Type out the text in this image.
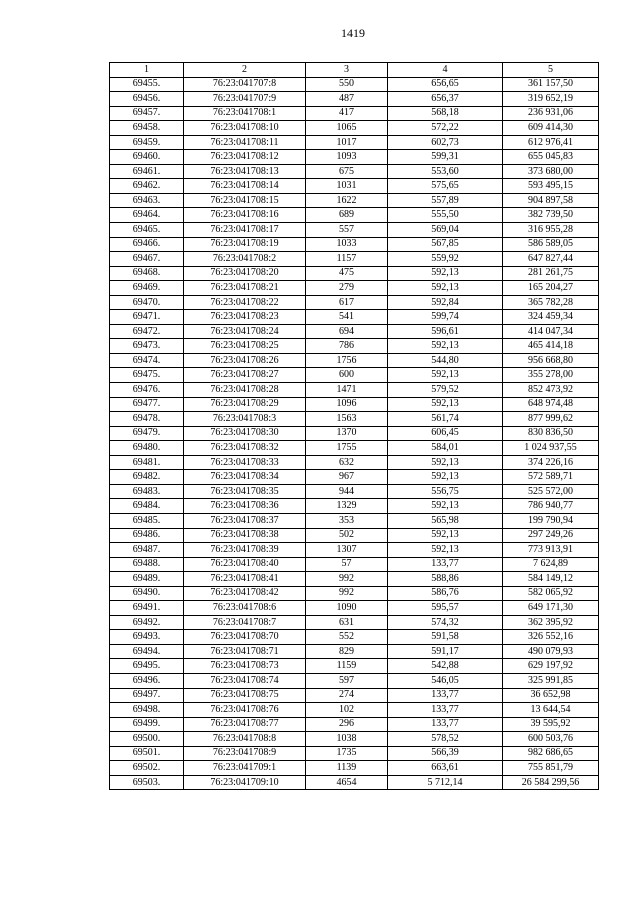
1419
1	2	3	4	5
69455.	76:23:041707:8	550	656,65	361 157,50
69456.	76:23:041707:9	487	656,37	319 652,19
69457.	76:23:041708:1	417	568,18	236 931,06
69458.	76:23:041708:10	1065	572,22	609 414,30
69459.	76:23:041708:11	1017	602,73	612 976,41
69460.	76:23:041708:12	1093	599,31	655 045,83
69461.	76:23:041708:13	675	553,60	373 680,00
69462.	76:23:041708:14	1031	575,65	593 495,15
69463.	76:23:041708:15	1622	557,89	904 897,58
69464.	76:23:041708:16	689	555,50	382 739,50
69465.	76:23:041708:17	557	569,04	316 955,28
69466.	76:23:041708:19	1033	567,85	586 589,05
69467.	76:23:041708:2	1157	559,92	647 827,44
69468.	76:23:041708:20	475	592,13	281 261,75
69469.	76:23:041708:21	279	592,13	165 204,27
69470.	76:23:041708:22	617	592,84	365 782,28
69471.	76:23:041708:23	541	599,74	324 459,34
69472.	76:23:041708:24	694	596,61	414 047,34
69473.	76:23:041708:25	786	592,13	465 414,18
69474.	76:23:041708:26	1756	544,80	956 668,80
69475.	76:23:041708:27	600	592,13	355 278,00
69476.	76:23:041708:28	1471	579,52	852 473,92
69477.	76:23:041708:29	1096	592,13	648 974,48
69478.	76:23:041708:3	1563	561,74	877 999,62
69479.	76:23:041708:30	1370	606,45	830 836,50
69480.	76:23:041708:32	1755	584,01	1 024 937,55
69481.	76:23:041708:33	632	592,13	374 226,16
69482.	76:23:041708:34	967	592,13	572 589,71
69483.	76:23:041708:35	944	556,75	525 572,00
69484.	76:23:041708:36	1329	592,13	786 940,77
69485.	76:23:041708:37	353	565,98	199 790,94
69486.	76:23:041708:38	502	592,13	297 249,26
69487.	76:23:041708:39	1307	592,13	773 913,91
69488.	76:23:041708:40	57	133,77	7 624,89
69489.	76:23:041708:41	992	588,86	584 149,12
69490.	76:23:041708:42	992	586,76	582 065,92
69491.	76:23:041708:6	1090	595,57	649 171,30
69492.	76:23:041708:7	631	574,32	362 395,92
69493.	76:23:041708:70	552	591,58	326 552,16
69494.	76:23:041708:71	829	591,17	490 079,93
69495.	76:23:041708:73	1159	542,88	629 197,92
69496.	76:23:041708:74	597	546,05	325 991,85
69497.	76:23:041708:75	274	133,77	36 652,98
69498.	76:23:041708:76	102	133,77	13 644,54
69499.	76:23:041708:77	296	133,77	39 595,92
69500.	76:23:041708:8	1038	578,52	600 503,76
69501.	76:23:041708:9	1735	566,39	982 686,65
69502.	76:23:041709:1	1139	663,61	755 851,79
69503.	76:23:041709:10	4654	5 712,14	26 584 299,56
